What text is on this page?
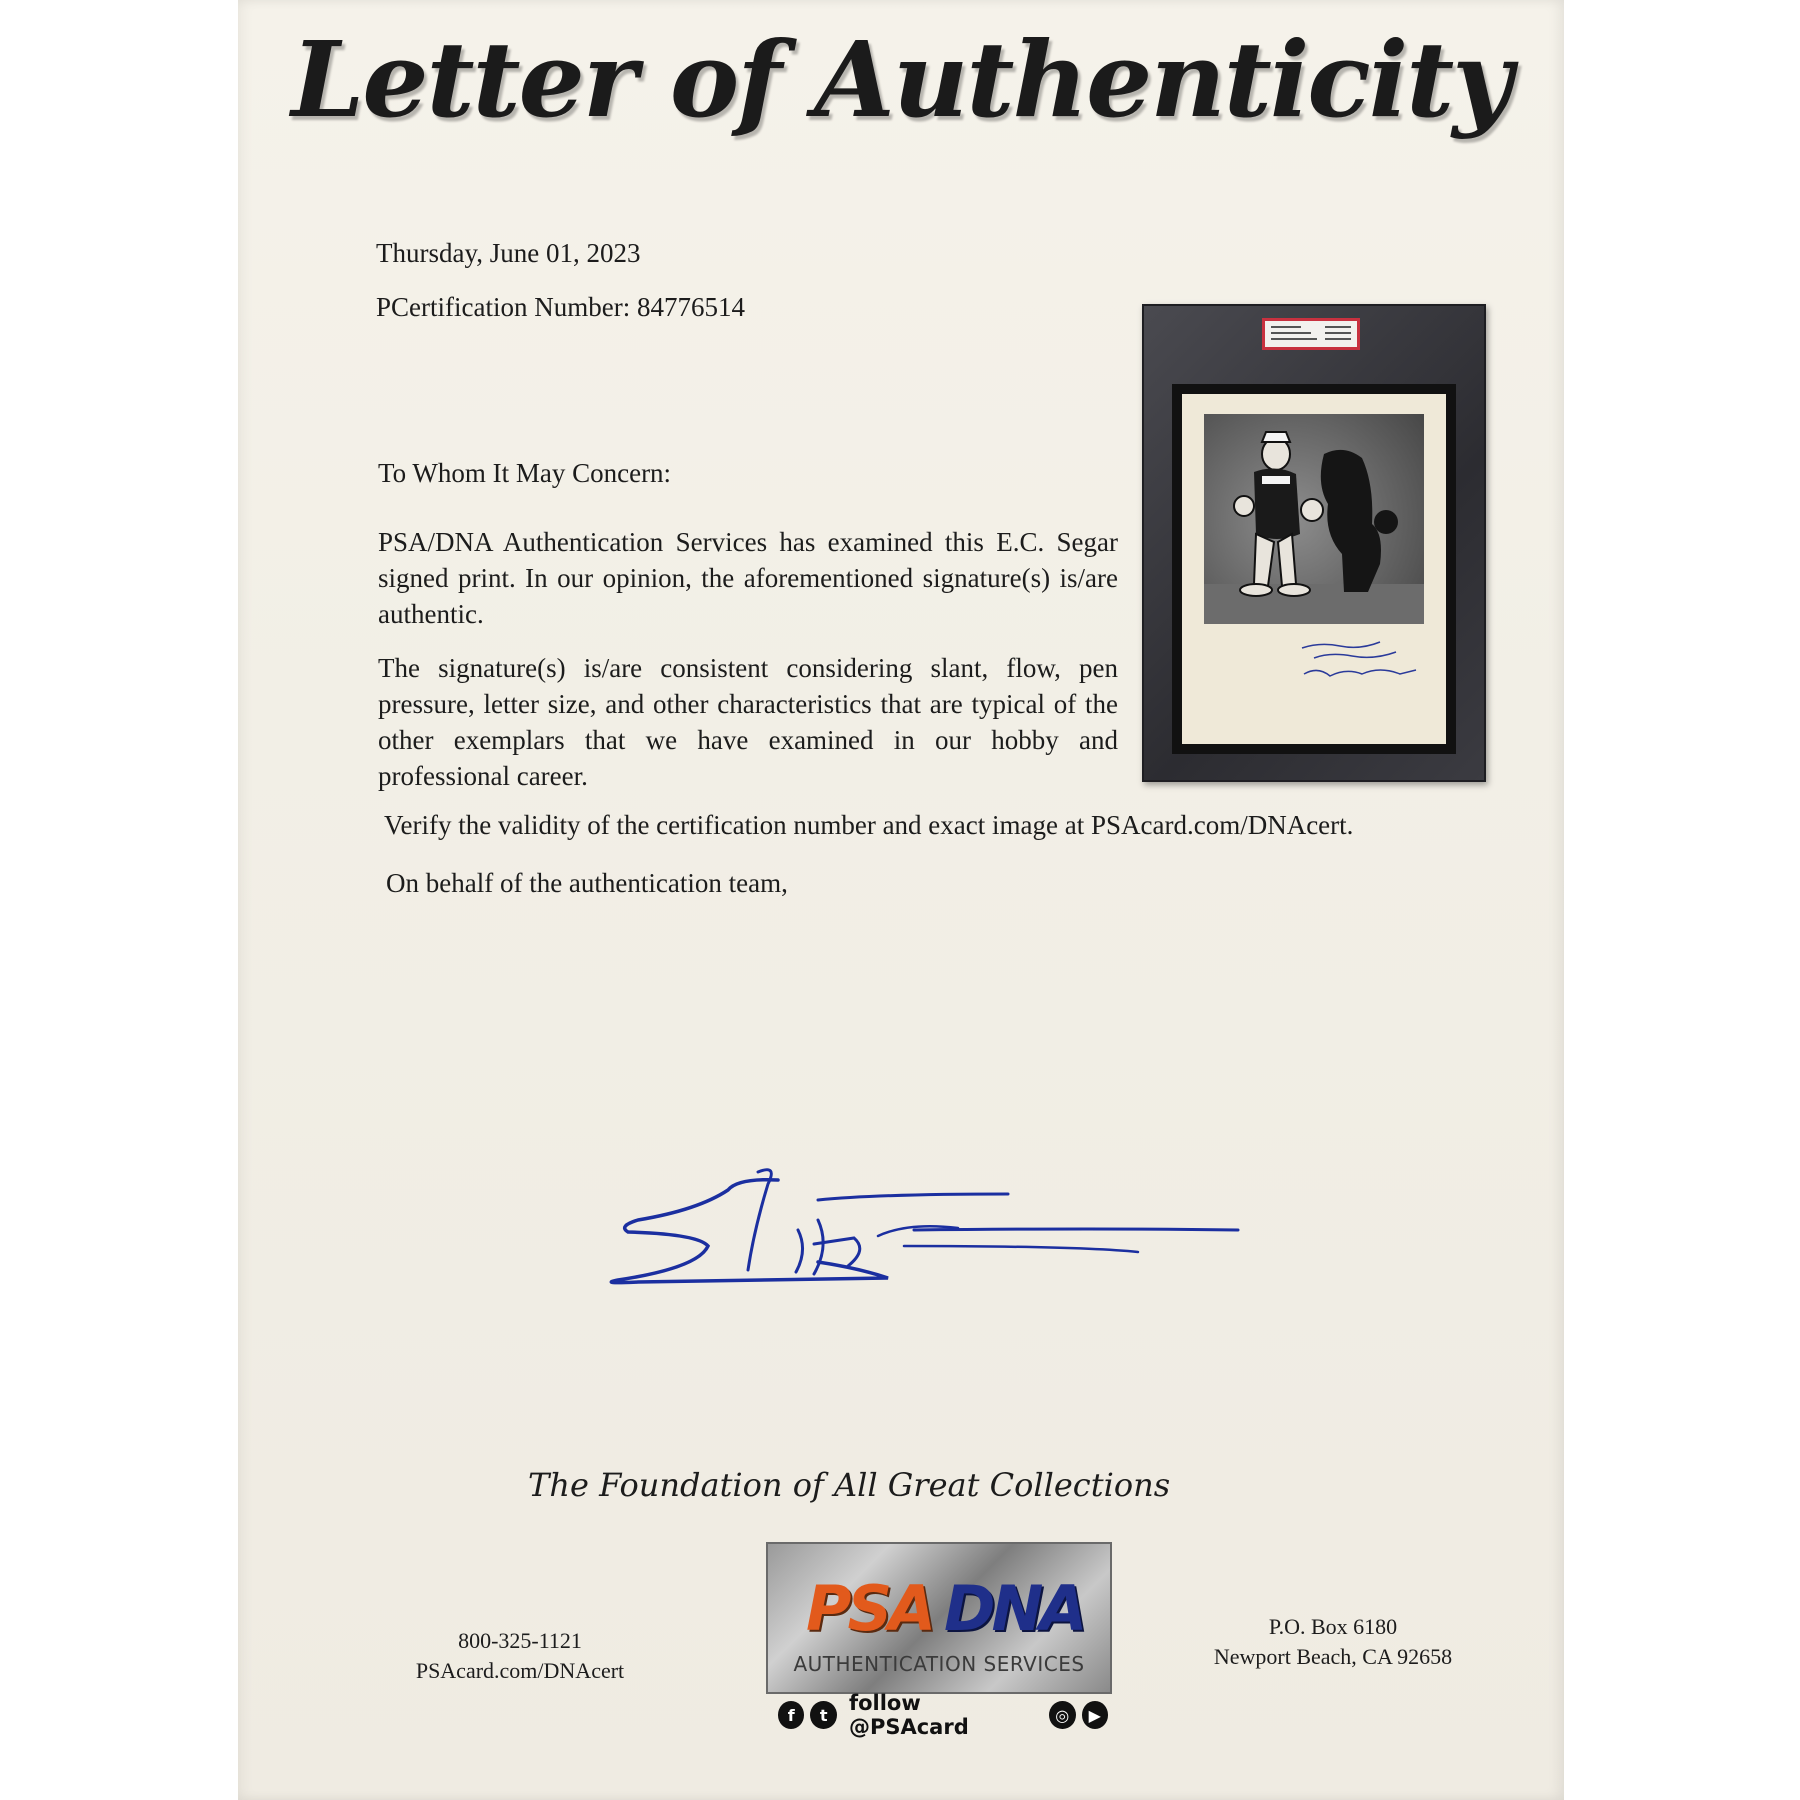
Letter of Authenticity
Thursday, June 01, 2023
PCertification Number: 84776514
To Whom It May Concern:
PSA/DNA Authentication Services has examined this E.C. Segar signed print. In our opinion, the aforementioned signature(s) is/are authentic.
The signature(s) is/are consistent considering slant, flow, pen pressure, letter size, and other characteristics that are typical of the other exemplars that we have examined in our hobby and professional career.
Verify the validity of the certification number and exact image at PSAcard.com/DNAcert.
On behalf of the authentication team,
The Foundation of All Great Collections
800-325-1121
PSAcard.com/DNAcert
PSA DNA
AUTHENTICATION SERVICES
f	t	follow @PSAcard	◎	▶
P.O. Box 6180
Newport Beach, CA 92658
